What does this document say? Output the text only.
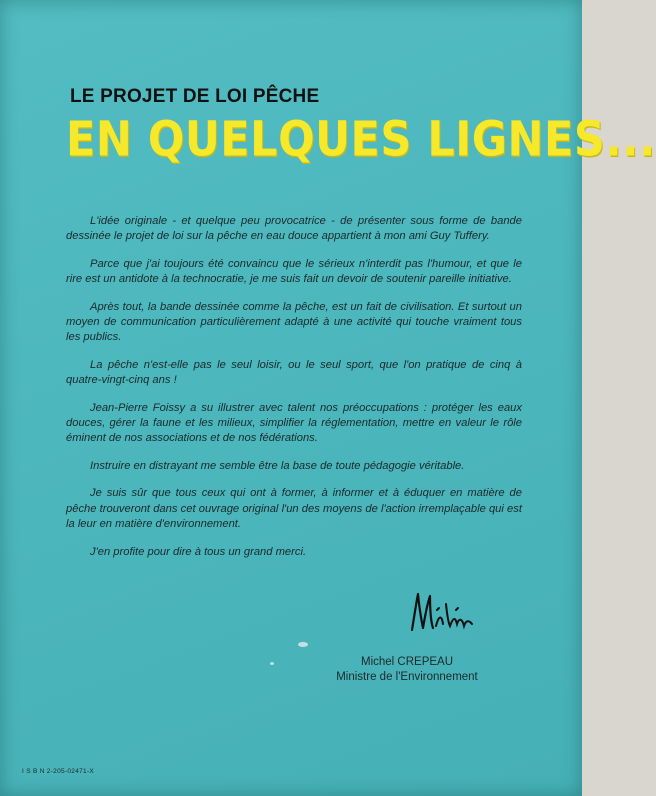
LE PROJET DE LOI PÊCHE
EN QUELQUES LIGNES...

L'idée originale - et quelque peu provocatrice - de présenter sous forme de bande dessinée le projet de loi sur la pêche en eau douce appartient à mon ami Guy Tuffery.

Parce que j'ai toujours été convaincu que le sérieux n'interdit pas l'humour, et que le rire est un antidote à la technocratie, je me suis fait un devoir de soutenir pareille initiative.

Après tout, la bande dessinée comme la pêche, est un fait de civilisation. Et surtout un moyen de communication particulièrement adapté à une activité qui touche vraiment tous les publics.

La pêche n'est-elle pas le seul loisir, ou le seul sport, que l'on pratique de cinq à quatre-vingt-cinq ans !

Jean-Pierre Foissy a su illustrer avec talent nos préoccupations : protéger les eaux douces, gérer la faune et les milieux, simplifier la réglementation, mettre en valeur le rôle éminent de nos associations et de nos fédérations.

Instruire en distrayant me semble être la base de toute pédagogie véritable.

Je suis sûr que tous ceux qui ont à former, à informer et à éduquer en matière de pêche trouveront dans cet ouvrage original l'un des moyens de l'action irremplaçable qui est la leur en matière d'environnement.

J'en profite pour dire à tous un grand merci.

Michel CREPEAU
Ministre de l'Environnement
I S B N 2-205-02471-X
